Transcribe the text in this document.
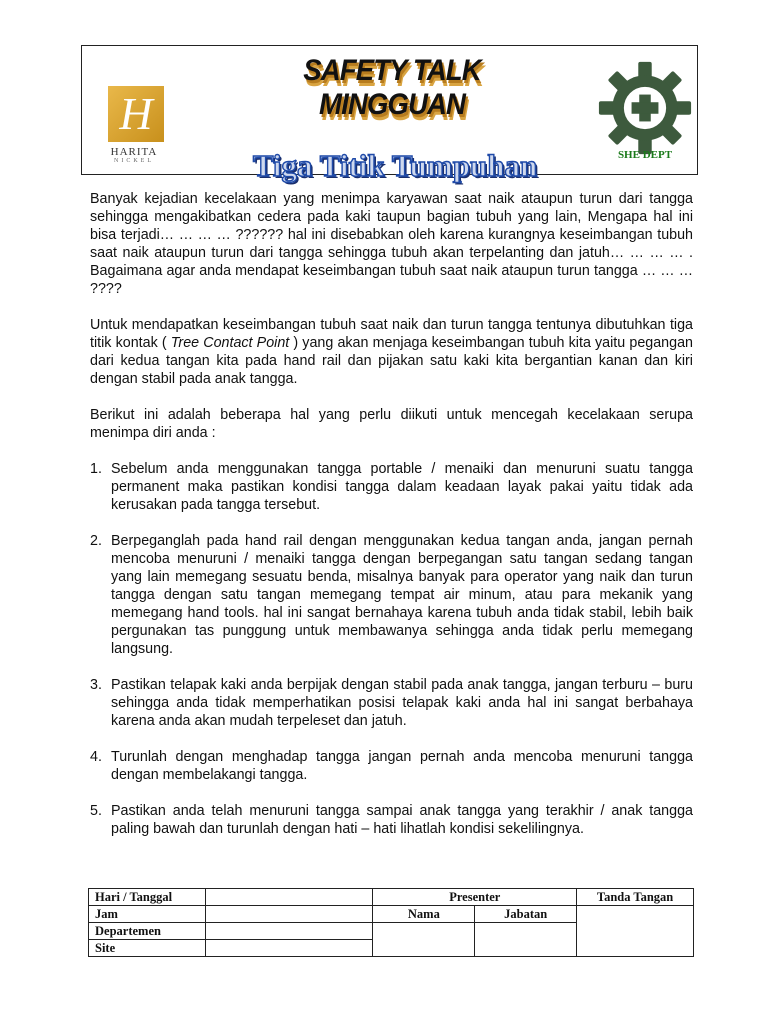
H
HARITA
NICKEL
SAFETY TALK MINGGUAN
Tiga Titik Tumpuhan	SHE DEPT

Banyak kejadian kecelakaan yang menimpa karyawan saat naik ataupun turun dari tangga sehingga mengakibatkan cedera pada kaki taupun bagian tubuh yang lain, Mengapa hal ini bisa terjadi… … … … ?????? hal ini disebabkan oleh karena kurangnya keseimbangan tubuh saat naik ataupun turun dari tangga sehingga tubuh akan terpelanting dan jatuh… … … … . Bagaimana agar anda mendapat keseimbangan tubuh saat naik ataupun turun tangga … … … ????

Untuk mendapatkan keseimbangan tubuh saat naik dan turun tangga tentunya dibutuhkan tiga titik kontak ( Tree Contact Point ) yang akan menjaga keseimbangan tubuh kita yaitu pegangan dari kedua tangan kita pada hand rail dan pijakan satu kaki kita bergantian kanan dan kiri dengan stabil pada anak tangga.

Berikut ini adalah beberapa hal yang perlu diikuti untuk mencegah kecelakaan serupa menimpa diri anda :

1. Sebelum anda menggunakan tangga portable / menaiki dan menuruni suatu tangga permanent maka pastikan kondisi tangga dalam keadaan layak pakai yaitu tidak ada kerusakan pada tangga tersebut.
2. Berpeganglah pada hand rail dengan menggunakan kedua tangan anda, jangan pernah mencoba menuruni / menaiki tangga dengan berpegangan satu tangan sedang tangan yang lain memegang sesuatu benda, misalnya banyak para operator yang naik dan turun tangga dengan satu tangan memegang tempat air minum, atau para mekanik yang memegang hand tools. hal ini sangat bernahaya karena tubuh anda tidak stabil, lebih baik pergunakan tas punggung untuk membawanya sehingga anda tidak perlu memegang langsung.
3. Pastikan telapak kaki anda berpijak dengan stabil pada anak tangga, jangan terburu – buru sehingga anda tidak memperhatikan posisi telapak kaki anda hal ini sangat berbahaya karena anda akan mudah terpeleset dan jatuh.
4. Turunlah dengan menghadap tangga jangan pernah anda mencoba menuruni tangga dengan membelakangi tangga.
5. Pastikan anda telah menuruni tangga sampai anak tangga yang terakhir / anak tangga paling bawah dan turunlah dengan hati – hati lihatlah kondisi sekelilingnya.
Hari / Tanggal		Presenter		Tanda Tangan
Jam		Nama	Jabatan	
Departemen				
Site				
